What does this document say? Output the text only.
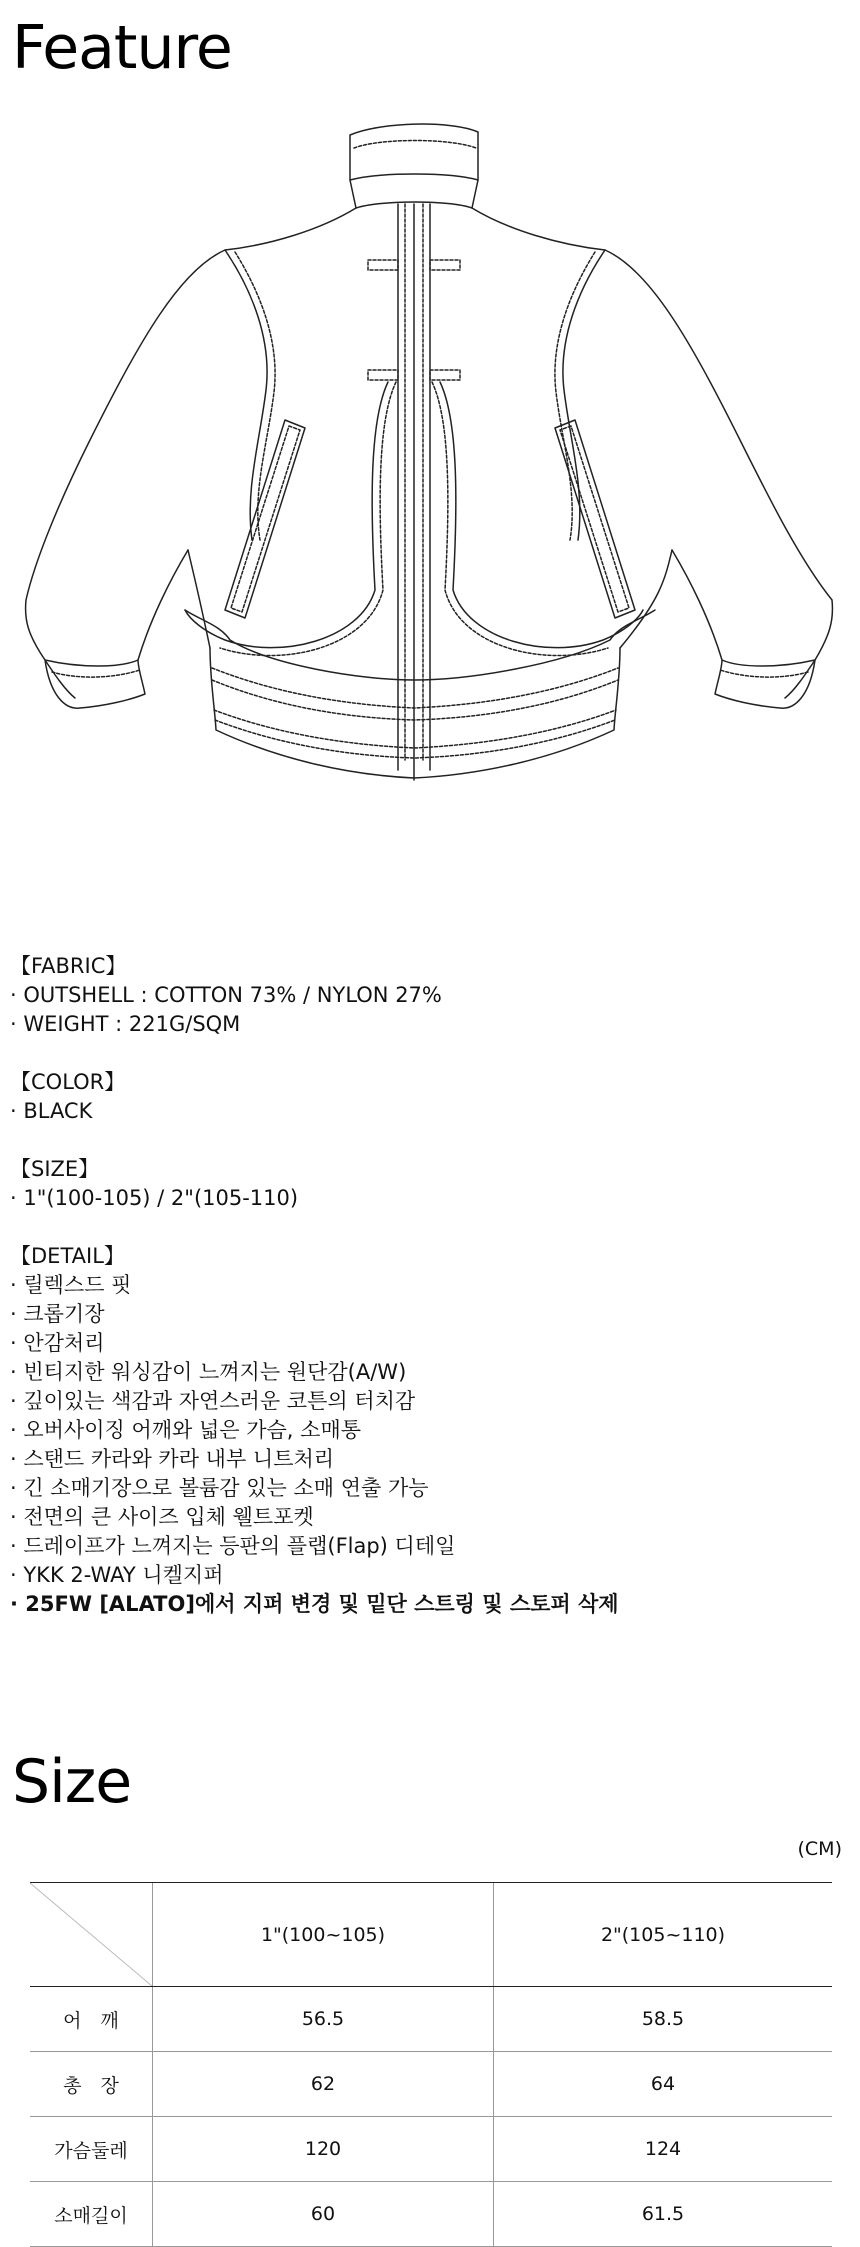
Feature
【FABRIC】
· OUTSHELL : COTTON 73% / NYLON 27%
· WEIGHT : 221G/SQM
【COLOR】
· BLACK
【SIZE】
· 1"(100-105) / 2"(105-110)
【DETAIL】
· 릴렉스드 핏
· 크롭기장
· 안감처리
· 빈티지한 워싱감이 느껴지는 원단감(A/W)
· 깊이있는 색감과 자연스러운 코튼의 터치감
· 오버사이징 어깨와 넓은 가슴, 소매통
· 스탠드 카라와 카라 내부 니트처리
· 긴 소매기장으로 볼륨감 있는 소매 연출 가능
· 전면의 큰 사이즈 입체 웰트포켓
· 드레이프가 느껴지는 등판의 플랩(Flap) 디테일
· YKK 2-WAY 니켈지퍼
· 25FW [ALATO]에서 지퍼 변경 및 밑단 스트링 및 스토퍼 삭제
Size
(CM)
	1"(100~105)	2"(105~110)
어　깨	56.5	58.5
총　장	62	64
가슴둘레	120	124
소매길이	60	61.5
